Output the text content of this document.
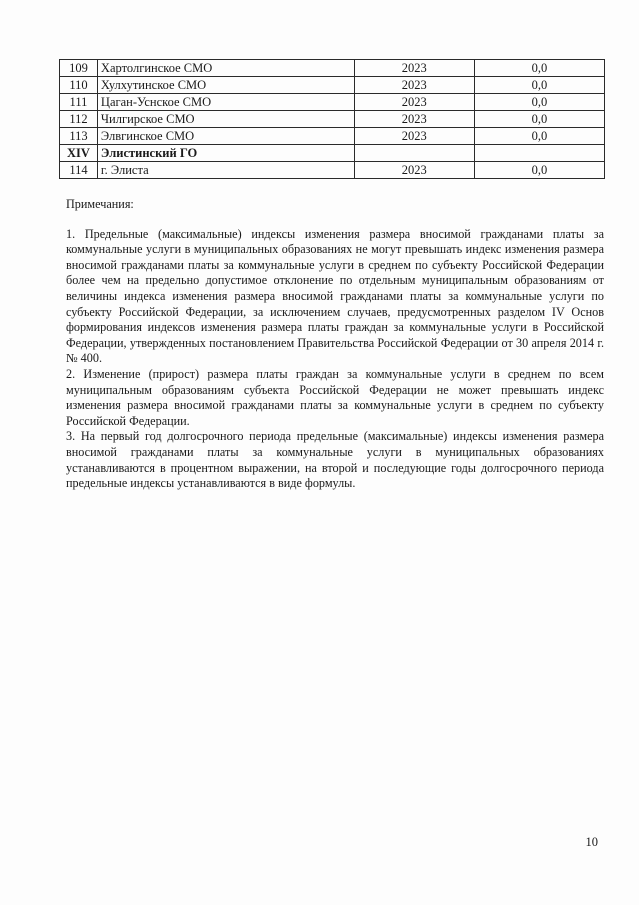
109	Хартолгинское СМО	2023	0,0
110	Хулхутинское СМО	2023	0,0
111	Цаган-Уснское СМО	2023	0,0
112	Чилгирское СМО	2023	0,0
113	Элвгинское СМО	2023	0,0
XIV	Элистинский ГО		
114	г. Элиста	2023	0,0

Примечания:

1. Предельные (максимальные) индексы изменения размера вносимой гражданами платы за коммунальные услуги в муниципальных образованиях не могут превышать индекс изменения размера вносимой гражданами платы за коммунальные услуги в среднем по субъекту Российской Федерации более чем на предельно допустимое отклонение по отдельным муниципальным образованиям от величины индекса изменения размера вносимой гражданами платы за коммунальные услуги по субъекту Российской Федерации, за исключением случаев, предусмотренных разделом IV Основ формирования индексов изменения размера платы граждан за коммунальные услуги в Российской Федерации, утвержденных постановлением Правительства Российской Федерации от 30 апреля 2014 г. № 400.

2. Изменение (прирост) размера платы граждан за коммунальные услуги в среднем по всем муниципальным образованиям субъекта Российской Федерации не может превышать индекс изменения размера вносимой гражданами платы за коммунальные услуги в среднем по субъекту Российской Федерации.

3. На первый год долгосрочного периода предельные (максимальные) индексы изменения размера вносимой гражданами платы за коммунальные услуги в муниципальных образованиях устанавливаются в процентном выражении, на второй и последующие годы долгосрочного периода предельные индексы устанавливаются в виде формулы.

10
